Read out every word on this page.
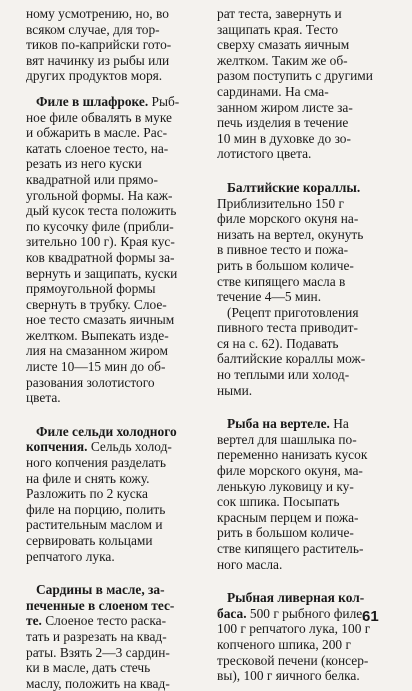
ному усмотрению, но, во
всяком случае, для тор-
тиков по-каприйски гото-
вят начинку из рыбы или
других продуктов моря.

Филе в шлафроке. Рыб-
ное филе обвалять в муке
и обжарить в масле. Рас-
катать слоеное тесто, на-
резать из него куски
квадратной или прямо-
угольной формы. На каж-
дый кусок теста положить
по кусочку филе (прибли-
зительно 100 г). Края кус-
ков квадратной формы за-
вернуть и защипать, куски
прямоугольной формы
свернуть в трубку. Слое-
ное тесто смазать яичным
желтком. Выпекать изде-
лия на смазанном жиром
листе 10—15 мин до об-
разования золотистого
цвета.

Филе сельди холодного
копчения. Сельдь холод-
ного копчения разделать
на филе и снять кожу.
Разложить по 2 куска
филе на порцию, полить
растительным маслом и
сервировать кольцами
репчатого лука.

Сардины в масле, за-
печенные в слоеном тес-
те. Слоеное тесто раска-
тать и разрезать на квад-
раты. Взять 2—3 сардин-
ки в масле, дать стечь
маслу, положить на квад-

рат теста, завернуть и
защипать края. Тесто
сверху смазать яичным
желтком. Таким же об-
разом поступить с другими сардинами. На сма-
занном жиром листе за-
печь изделия в течение
10 мин в духовке до зо-
лотистого цвета.

Балтийские кораллы.
Приблизительно 150 г
филе морского окуня на-
низать на вертел, окунуть
в пивное тесто и пожа-
рить в большом количе-
стве кипящего масла в
течение 4—5 мин.

(Рецепт приготовления
пивного теста приводит-
ся на с. 62). Подавать
балтийские кораллы мож-
но теплыми или холод-
ными.

Рыба на вертеле. На
вертел для шашлыка по-
переменно нанизать кусок
филе морского окуня, ма-
ленькую луковицу и ку-
сок шпика. Посыпать
красным перцем и пожа-
рить в большом количе-
стве кипящего раститель-
ного масла.

Рыбная ливерная кол-
баса. 500 г рыбного филе,
100 г репчатого лука, 100 г
копченого шпика, 200 г
тресковой печени (консер-
вы), 100 г яичного белка.

61
